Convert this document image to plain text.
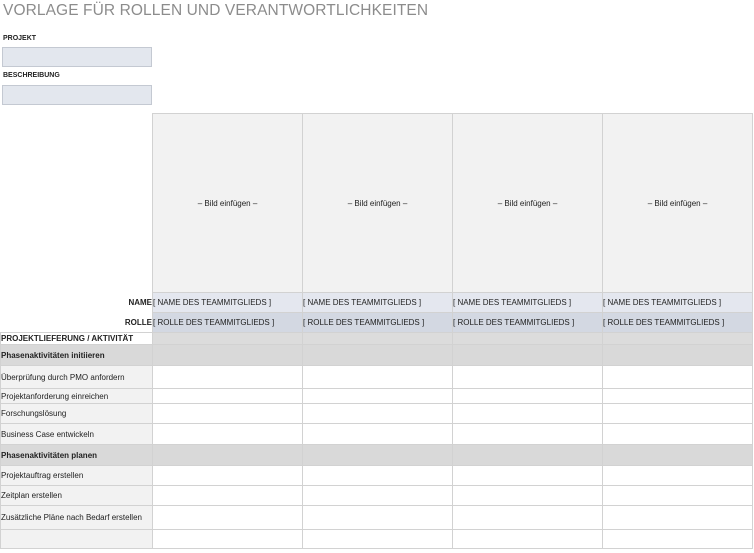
VORLAGE FÜR ROLLEN UND VERANTWORTLICHKEITEN
PROJEKT
BESCHREIBUNG
	– Bild einfügen –	– Bild einfügen –	– Bild einfügen –	– Bild einfügen –
NAME	[ NAME DES TEAMMITGLIEDS ]	[ NAME DES TEAMMITGLIEDS ]	[ NAME DES TEAMMITGLIEDS ]	[ NAME DES TEAMMITGLIEDS ]
ROLLE	[ ROLLE DES TEAMMITGLIEDS ]	[ ROLLE DES TEAMMITGLIEDS ]	[ ROLLE DES TEAMMITGLIEDS ]	[ ROLLE DES TEAMMITGLIEDS ]
PROJEKTLIEFERUNG / AKTIVITÄT				
Phasenaktivitäten initiieren				
Überprüfung durch PMO anfordern				
Projektanforderung einreichen				
Forschungslösung				
Business Case entwickeln				
Phasenaktivitäten planen				
Projektauftrag erstellen				
Zeitplan erstellen				
Zusätzliche Pläne nach Bedarf erstellen				
